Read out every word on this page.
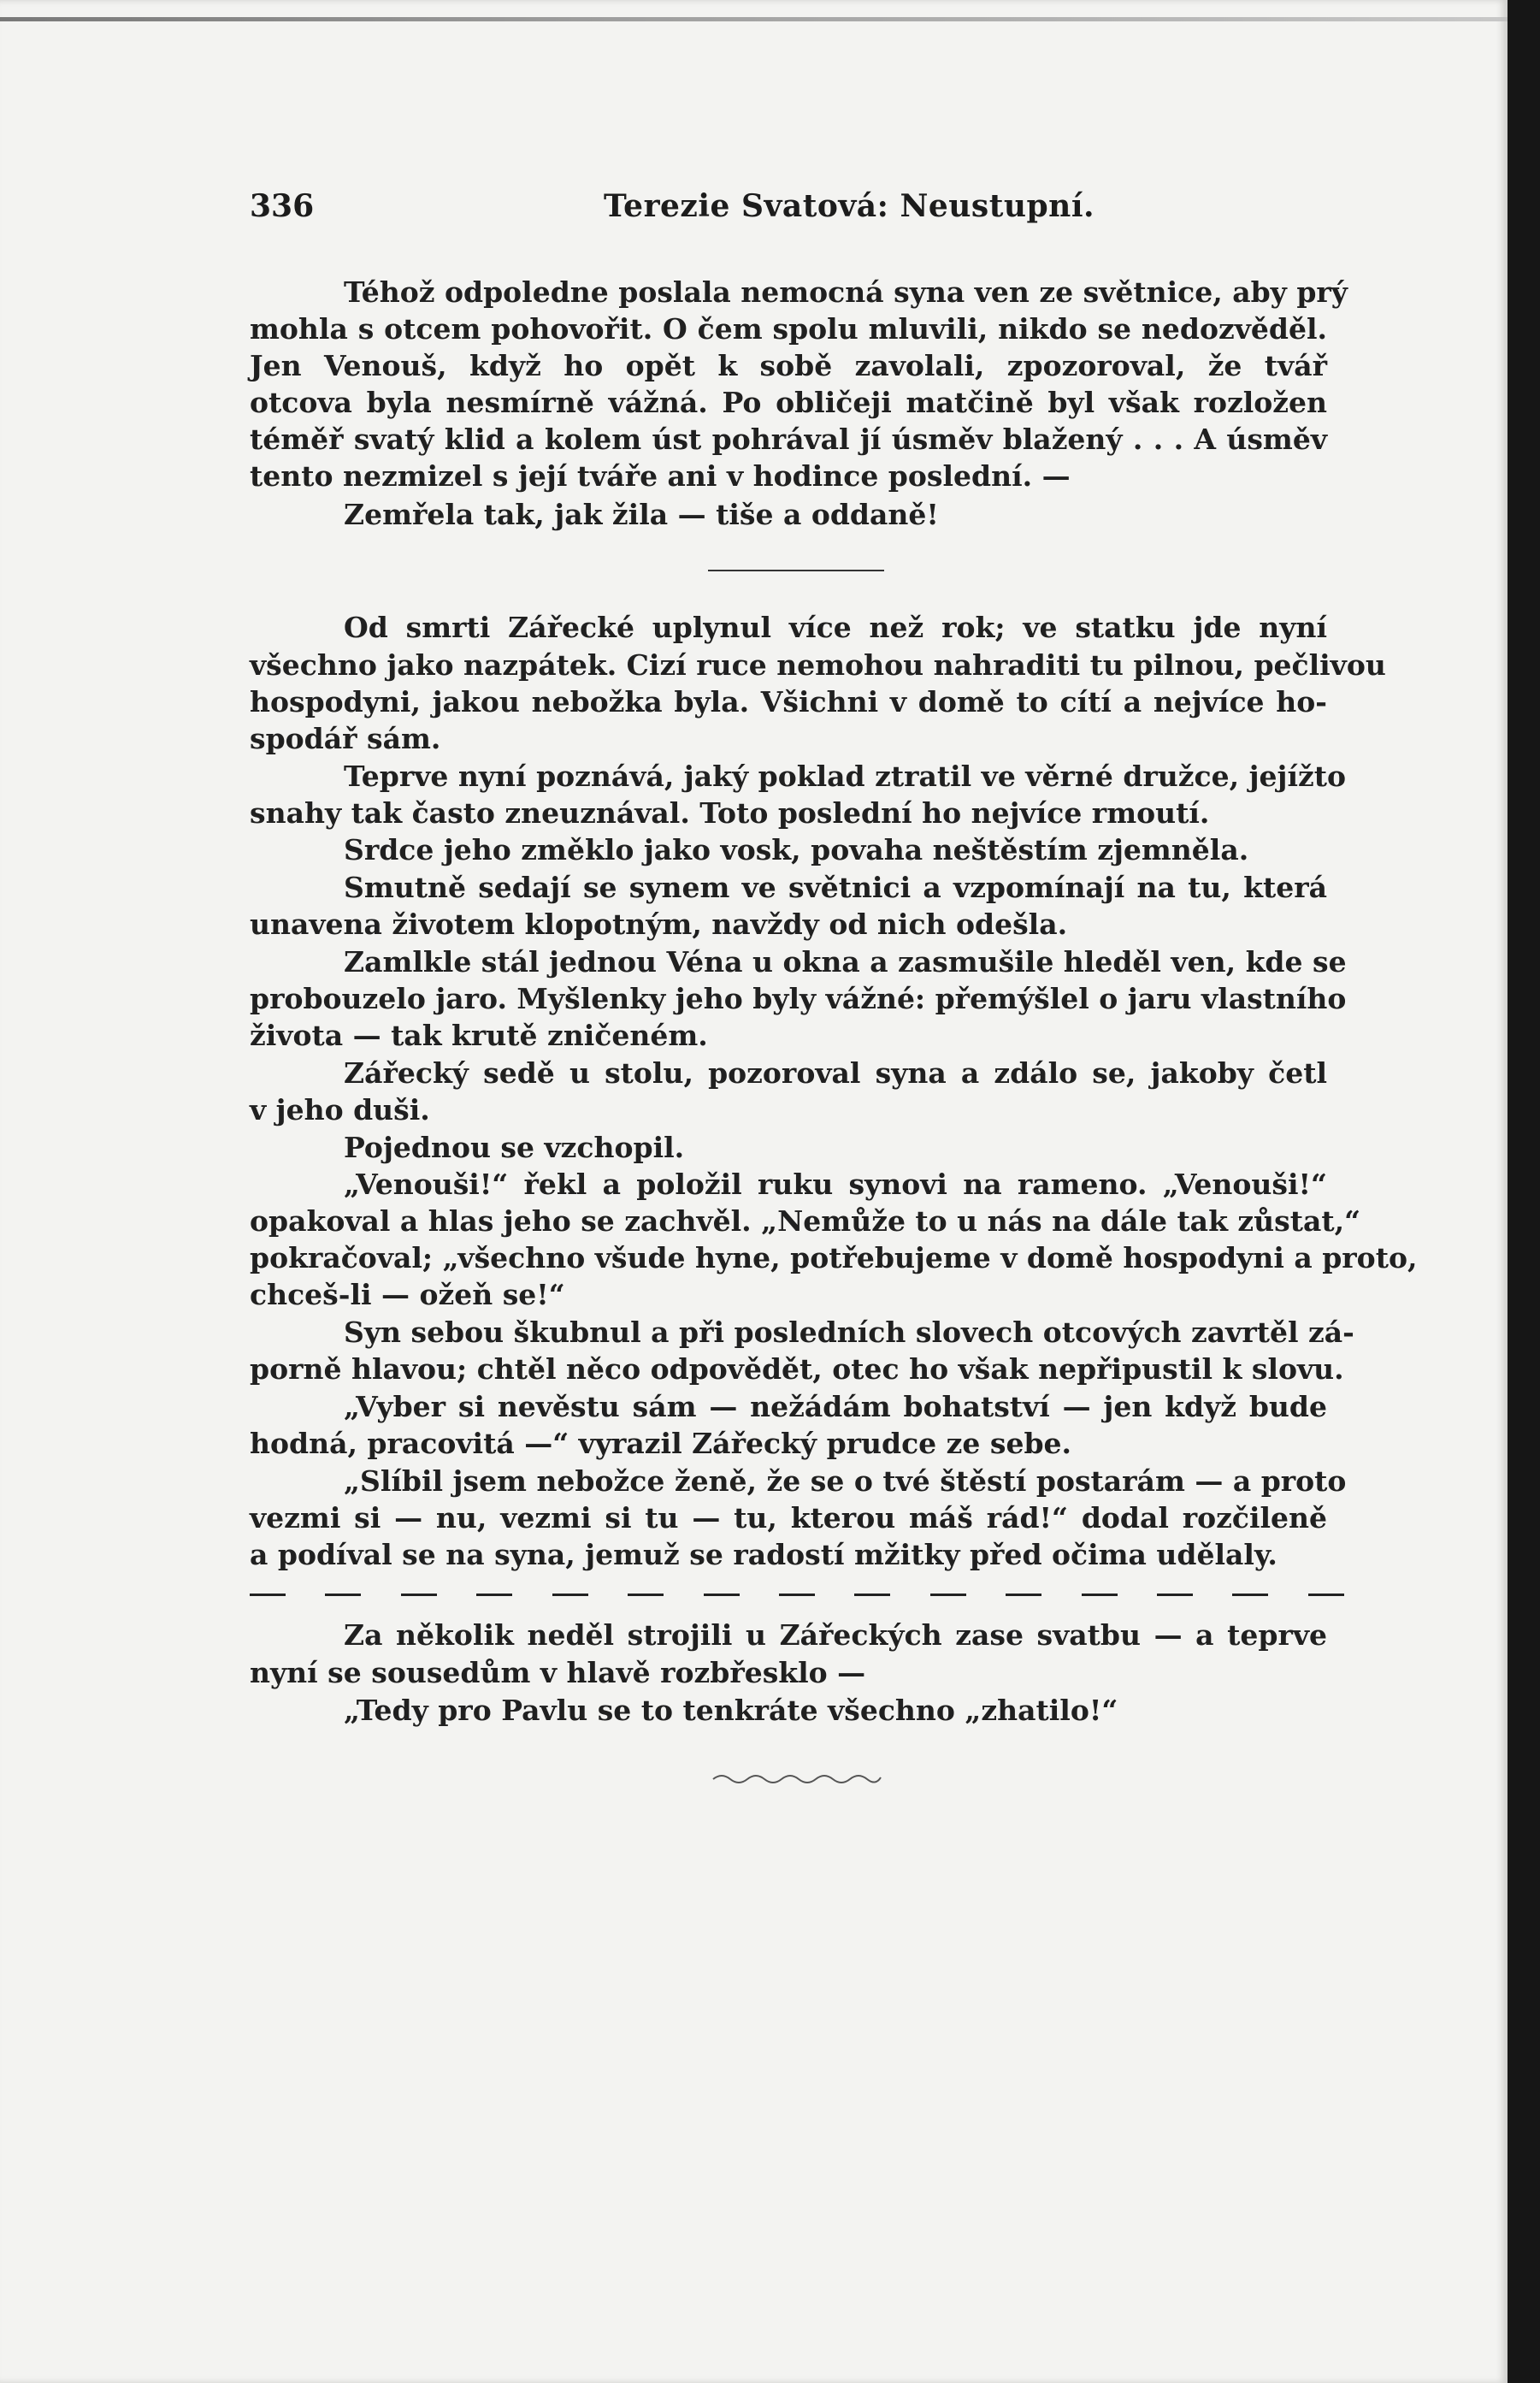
336	Terezie Svatová: Neustupní.
Téhož odpoledne poslala nemocná syna ven ze světnice, aby prý
mohla s otcem pohovořit. O čem spolu mluvili, nikdo se nedozvěděl.
Jen Venouš, když ho opět k sobě zavolali, zpozoroval, že tvář
otcova byla nesmírně vážná. Po obličeji matčině byl však rozložen
téměř svatý klid a kolem úst pohrával jí úsměv blažený . . . A úsměv
tento nezmizel s její tváře ani v hodince poslední. —
Zemřela tak, jak žila — tiše a oddaně!
Od smrti Zářecké uplynul více než rok; ve statku jde nyní
všechno jako nazpátek. Cizí ruce nemohou nahraditi tu pilnou, pečlivou
hospodyni, jakou nebožka byla. Všichni v domě to cítí a nejvíce ho-
spodář sám.
Teprve nyní poznává, jaký poklad ztratil ve věrné družce, jejížto
snahy tak často zneuznával. Toto poslední ho nejvíce rmoutí.
Srdce jeho změklo jako vosk, povaha neštěstím zjemněla.
Smutně sedají se synem ve světnici a vzpomínají na tu, která
unavena životem klopotným, navždy od nich odešla.
Zamlkle stál jednou Véna u okna a zasmušile hleděl ven, kde se
probouzelo jaro. Myšlenky jeho byly vážné: přemýšlel o jaru vlastního
života — tak krutě zničeném.
Zářecký sedě u stolu, pozoroval syna a zdálo se, jakoby četl
v jeho duši.
Pojednou se vzchopil.
„Venouši!“ řekl a položil ruku synovi na rameno. „Venouši!“
opakoval a hlas jeho se zachvěl. „Nemůže to u nás na dále tak zůstat,“
pokračoval; „všechno všude hyne, potřebujeme v domě hospodyni a proto,
chceš-li — ožeň se!“
Syn sebou škubnul a při posledních slovech otcových zavrtěl zá-
porně hlavou; chtěl něco odpovědět, otec ho však nepřipustil k slovu.
„Vyber si nevěstu sám — nežádám bohatství — jen když bude
hodná, pracovitá —“ vyrazil Zářecký prudce ze sebe.
„Slíbil jsem nebožce ženě, že se o tvé štěstí postarám — a proto
vezmi si — nu, vezmi si tu — tu, kterou máš rád!“ dodal rozčileně
a podíval se na syna, jemuž se radostí mžitky před očima udělaly.
Za několik neděl strojili u Zářeckých zase svatbu — a teprve
nyní se sousedům v hlavě rozbřesklo —
„Tedy pro Pavlu se to tenkráte všechno „zhatilo!“
